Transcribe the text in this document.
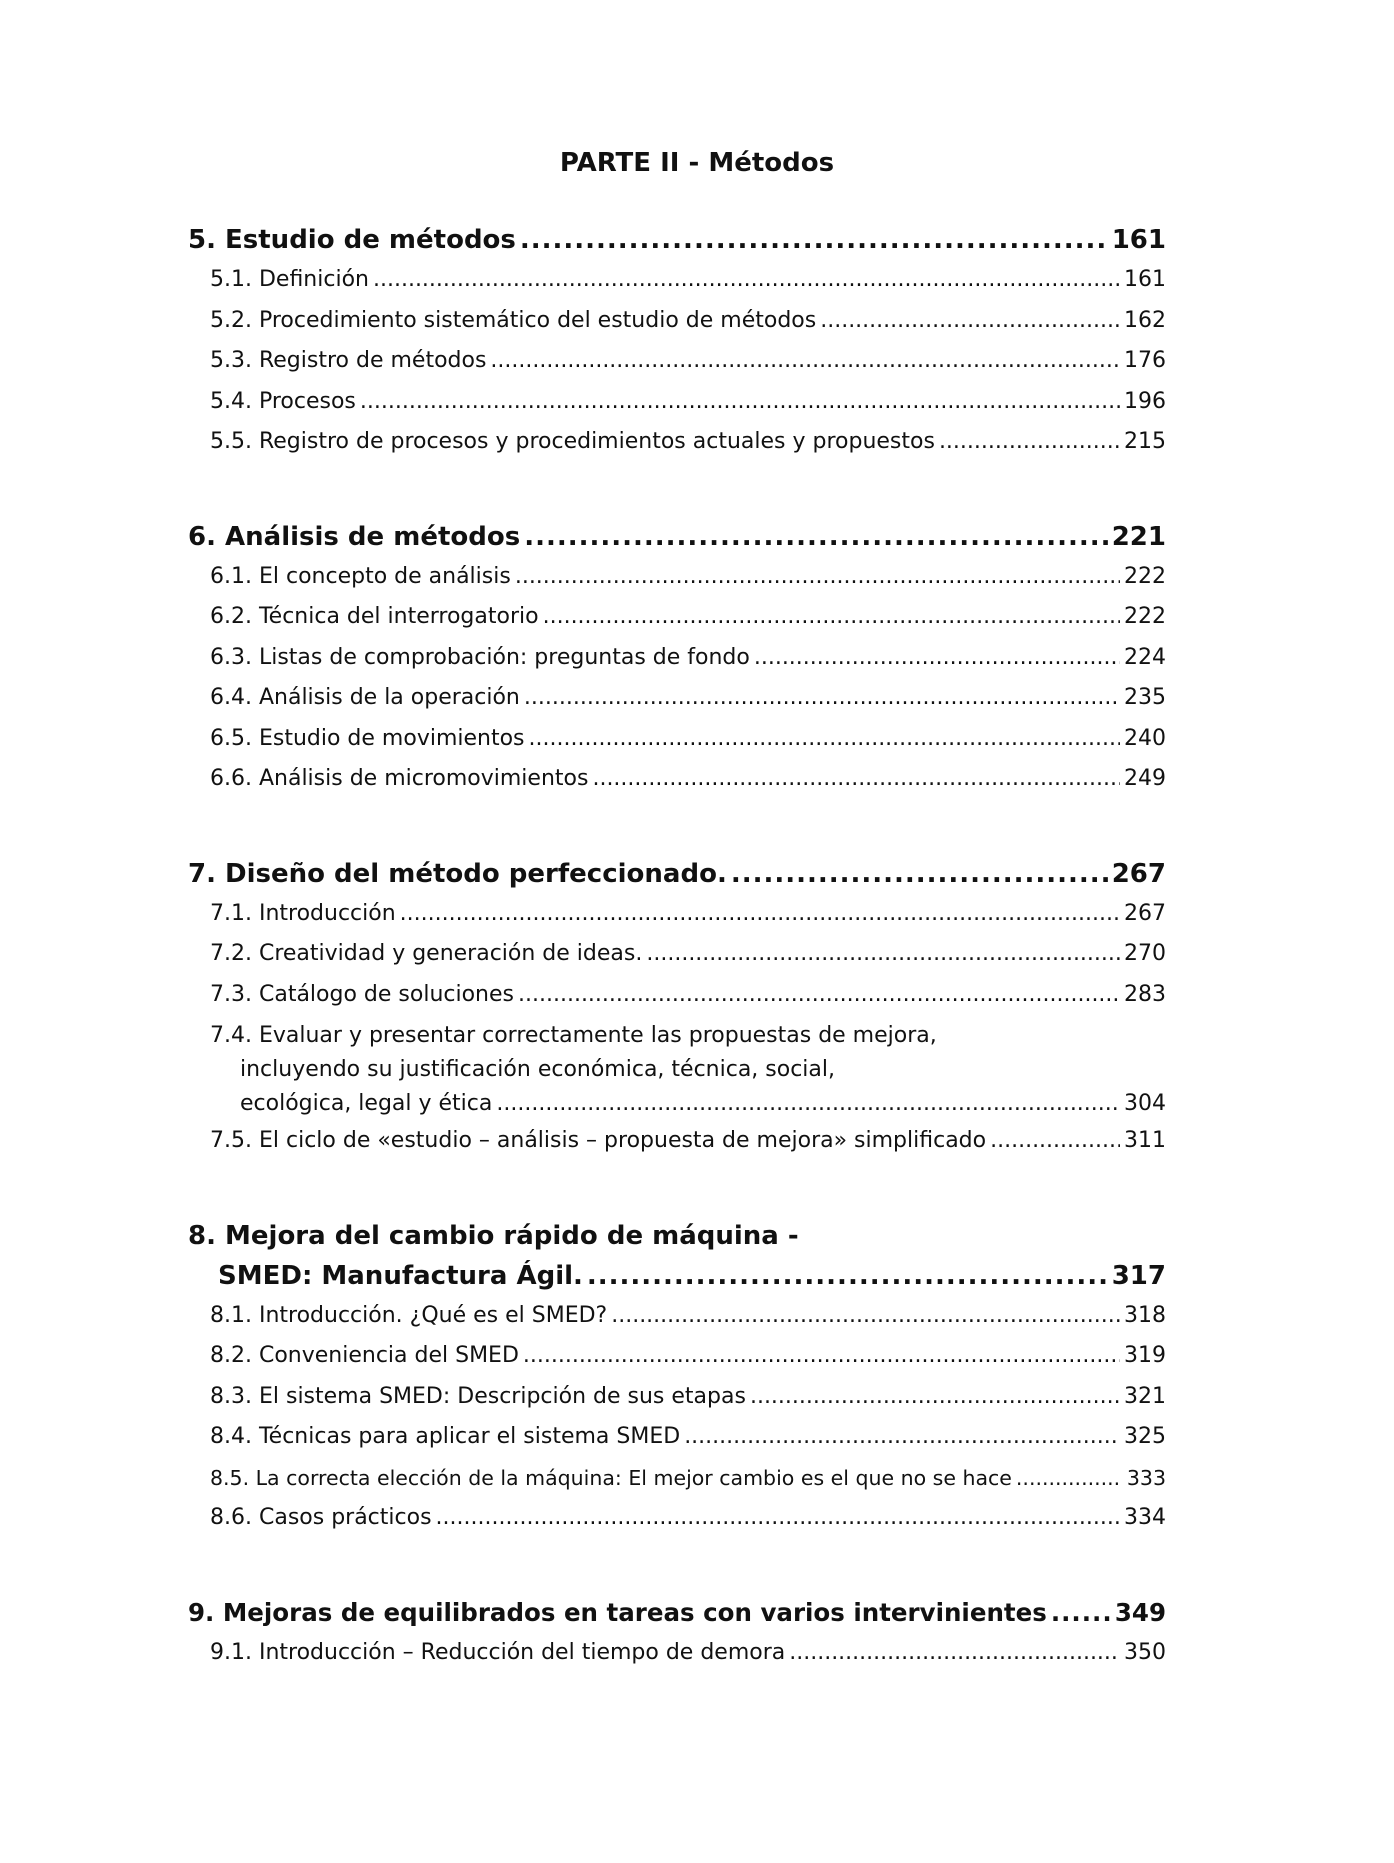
PARTE II - Métodos
5. Estudio de métodos .....	161
5.1. Definición .....	161
5.2. Procedimiento sistemático del estudio de métodos .....	162
5.3. Registro de métodos .....	176
5.4. Procesos .....	196
5.5. Registro de procesos y procedimientos actuales y propuestos .....	215
6. Análisis de métodos .....	221
6.1. El concepto de análisis .....	222
6.2. Técnica del interrogatorio .....	222
6.3. Listas de comprobación: preguntas de fondo .....	224
6.4. Análisis de la operación .....	235
6.5. Estudio de movimientos .....	240
6.6. Análisis de micromovimientos .....	249
7. Diseño del método perfeccionado. .....	267
7.1. Introducción .....	267
7.2. Creatividad y generación de ideas. .....	270
7.3. Catálogo de soluciones .....	283
7.4. Evaluar y presentar correctamente las propuestas de mejora,
incluyendo su justificación económica, técnica, social,
ecológica, legal y ética .....	304
7.5. El ciclo de «estudio – análisis – propuesta de mejora» simplificado .....	311
8. Mejora del cambio rápido de máquina -
SMED: Manufactura Ágil. .....	317
8.1. Introducción. ¿Qué es el SMED? .....	318
8.2. Conveniencia del SMED .....	319
8.3. El sistema SMED: Descripción de sus etapas .....	321
8.4. Técnicas para aplicar el sistema SMED .....	325
8.5. La correcta elección de la máquina: El mejor cambio es el que no se hace .....	333
8.6. Casos prácticos .....	334
9. Mejoras de equilibrados en tareas con varios intervinientes .....	349
9.1. Introducción – Reducción del tiempo de demora .....	350
